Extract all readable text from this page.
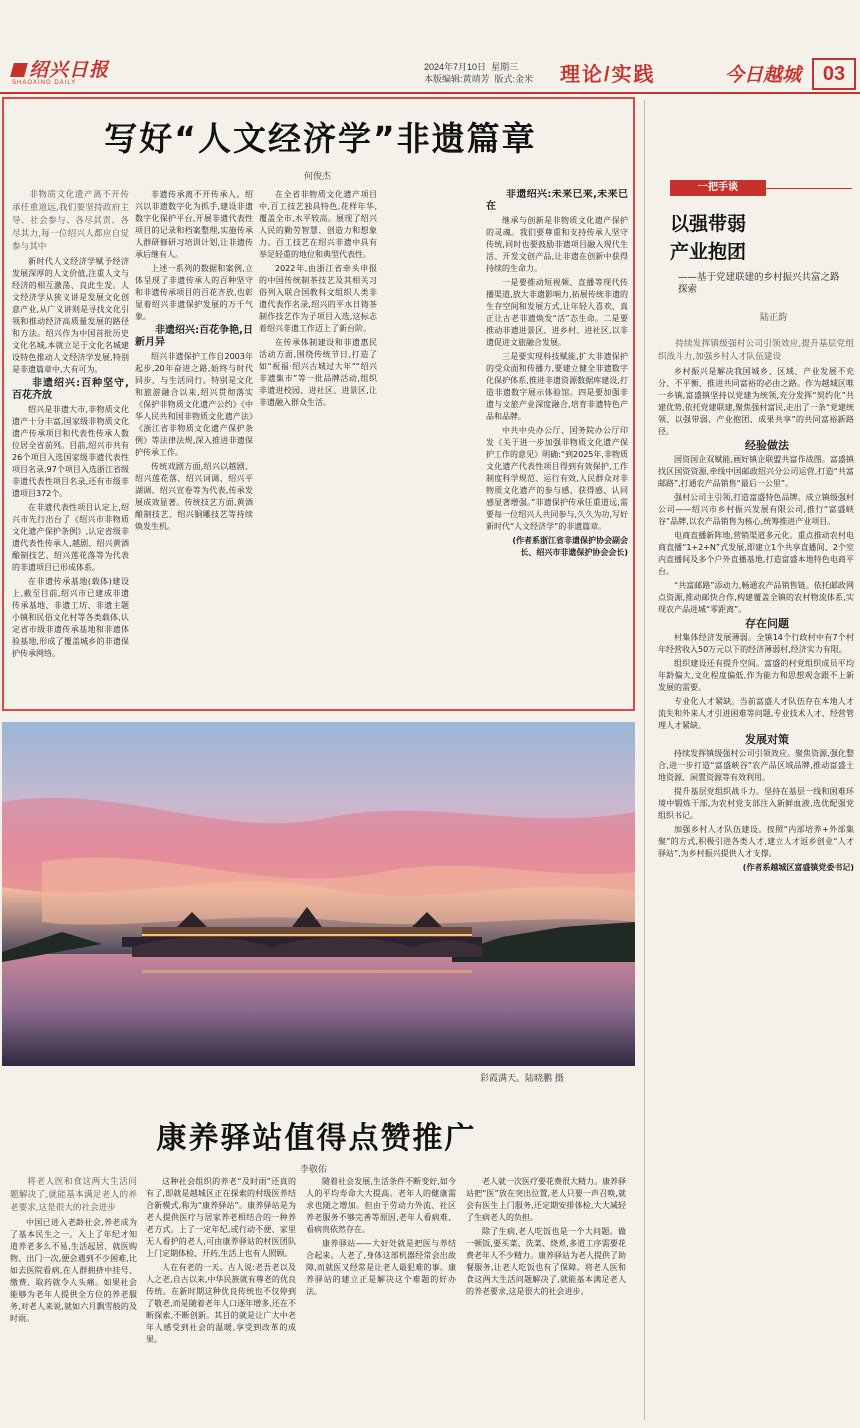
绍兴日报
SHAOXING DAILY
2024年7月10日 星期三
本版编辑:黄靖芳 版式:金米 理论/实践	今日越城	03
写好“人文经济学”非遗篇章
何俊杰

非物质文化遗产离不开传承任重道远,我们要坚持政府主导、社会参与、各尽其责、各尽其力,每一位绍兴人都应自觉参与其中

新时代人文经济学赋予经济发展深厚的人文价值,注重人文与经济的相互激荡、良此生发。人文经济学从狭义讲是发展文化创意产业,从广义讲则是寻找文化引领和推动经济高质量发展的路径和方法。绍兴作为中国首批历史文化名城,本就立足于文化名城建设特色推动人文经济学发展,特别是非遗篇章中,大有可为。

非遗绍兴:百种坚守,百花齐放

绍兴是非遗大市,非物质文化遗产十分丰富,国家级非物质文化遗产传承项目和代表性传承人数位居全省前列。目前,绍兴市共有26个项目入选国家级非遗代表性项目名录,97个项目入选浙江省级非遗代表性项目名录,还有市级非遗项目372个。

在非遗代表性项目认定上,绍兴市先行出台了《绍兴市非物质文化遗产保护条例》,认定省级非遗代表性传承人,越剧、绍兴黄酒酿制技艺、绍兴莲花落等为代表的非遗项目已形成体系。

在非遗传承基地(载体)建设上,截至目前,绍兴市已建成非遗传承基地、非遗工坊、非遗主题小镇和民俗文化村等各类载体,认定省市级非遗传承基地和非遗体验基地,形成了覆盖城乡的非遗保护传承网络。

非遗传承离不开传承人。绍兴以非遗数字化为抓手,建设非遗数字化保护平台,开展非遗代表性项目的记录和档案整理,实施传承人群研修研习培训计划,让非遗传承后继有人。

上述一系列的数据和案例,立体呈现了非遗传承人的百种坚守和非遗传承项目的百花齐放,也彰显着绍兴非遗保护发展的万千气象。

非遗绍兴:百花争艳,日新月异

绍兴非遗保护工作自2003年起步,20年奋进之路,始终与时代同步、与生活同行。特别是文化和旅游融合以来,绍兴贯彻落实《保护非物质文化遗产公约》《中华人民共和国非物质文化遗产法》《浙江省非物质文化遗产保护条例》等法律法规,深入推进非遗保护传承工作。

传统戏剧方面,绍兴以越剧、绍兴莲花落、绍兴词调、绍兴平湖调、绍兴宣卷等为代表,传承发展成效显著。传统技艺方面,黄酒酿制技艺、绍兴铜雕技艺等持续焕发生机。

在全省非物质文化遗产项目中,百工技艺独具特色,花样年华,覆盖全市,水平较高。展现了绍兴人民的勤劳智慧、创造力和想象力。百工技艺在绍兴非遗中具有举足轻重的地位和典型代表性。

2022年,由浙江省牵头申报的中国传统制茶技艺及其相关习俗列入联合国教科文组织人类非遗代表作名录,绍兴的平水日铸茶制作技艺作为子项目入选,这标志着绍兴非遗工作迈上了新台阶。

在传承体制建设和非遗惠民活动方面,围绕传统节日,打造了如“祝福·绍兴古城过大年”“绍兴非遗集市”等一批品牌活动,组织非遗进校园、进社区、进景区,让非遗融入群众生活。

非遗绍兴:未来已来,未来已在

继承与创新是非物质文化遗产保护的灵魂。我们要尊重和支持传承人坚守传统,同时也要鼓励非遗项目融入现代生活、开发文创产品,让非遗在创新中获得持续的生命力。

一是要推动短视频、直播等现代传播渠道,放大非遗影响力,拓展传统非遗的生存空间和发展方式,让年轻人喜欢、真正让古老非遗焕发“活”态生命。二是要推动非遗进景区、进乡村、进社区,以非遗促进文旅融合发展。

三是要实现科技赋能,扩大非遗保护的受众面和传播力,要建立健全非遗数字化保护体系,推进非遗资源数据库建设,打造非遗数字展示体验馆。四是要加强非遗与文旅产业深度融合,培育非遗特色产品和品牌。

中共中央办公厅、国务院办公厅印发《关于进一步加强非物质文化遗产保护工作的意见》明确:“到2025年,非物质文化遗产代表性项目得到有效保护,工作制度科学规范、运行有效,人民群众对非物质文化遗产的参与感、获得感、认同感显著增强。”非遗保护传承任重道远,需要每一位绍兴人共同参与,久久为功,写好新时代“人文经济学”的非遗篇章。

(作者系浙江省非遗保护协会副会长、绍兴市非遗保护协会会长)

彩霞满天。陆晓鹏 摄
康养驿站值得点赞推广
李敬佑

将老人医和食这两大生活问题解决了,就能基本满足老人的养老要求,这是很大的社会进步

中国已进入老龄社会,养老成为了基本民生之一。入上了年纪才知道养老多么不易,生活起居、就医购物、出门一次,便会遇到不少困难,比如去医院看病,在人群拥挤中挂号、缴费、取药就令人头痛。如果社会能够为老年人提供全方位的养老服务,对老人来说,就如六月飘雪般的及时雨。

这种社会组织的养老“及时雨”还真的有了,即就是越城区正在探索的村级医养结合新模式,称为“康养驿站”。康养驿站是为老人提供医疗与居家养老相结合的一种养老方式。上了一定年纪,或行动不便、家里无人看护的老人,可由康养驿站的村医团队上门定期体检、开药,生活上也有人照顾。

人在有老的一天。古人说:老吾老以及人之老,自古以来,中华民族就有尊老的优良传统。在新时期这种优良传统也不仅停到了敬老,而是随着老年人口逐年增多,还在不断探索,不断创新。其目的就是让广大中老年人感受到社会的温暖,享受到改革的成果。

随着社会发展,生活条件不断变好,如今人的平均寿命大大提高。老年人的健康需求也随之增加。但由于劳动力外流、社区养老服务不够完善等原因,老年人看病难、看病贵依然存在。

康养驿站——大好处就是把医与养结合起来。人老了,身体这部机器经常会出故障,而就医又经常是让老人最犯难的事。康养驿站的建立正是解决这个难题的好办法。

老人就一次医疗要花费很大精力。康养驿站把“医”放在突出位置,老人只要一声召唤,就会有医生上门服务,还定期安排体检,大大减轻了生病老人的负担。

除了生病,老人吃饭也是一个大问题。做一顿饭,要买菜、洗菜、烧煮,多道工序需要花费老年人不少精力。康养驿站为老人提供了助餐服务,让老人吃饭也有了保障。将老人医和食这两大生活问题解决了,就能基本满足老人的养老要求,这是很大的社会进步。

一把手谈
以强带弱
产业抱团
——基于党建联建的乡村振兴共富之路探索
陆正韵

持续发挥镇级强村公司引领效应,提升基层党组织战斗力,加强乡村人才队伍建设

乡村振兴是解决我国城乡、区域、产业发展不充分、不平衡、推进共同富裕的必由之路。作为越城区唯一乡镇,富盛镇坚持以党建为统领,充分发挥“契约化”共建优势,依托党建联建,聚焦强村富民,走出了一条“党建统领、以强带弱、产业抱团、成果共享”的共同富裕新路径。

经验做法

国资国企双赋能,画好镇企联盟共富作战图。富盛镇找区国资资源,牵线中国邮政绍兴分公司运营,打造“共富邮路”,打通农产品销售“最后一公里”。

强村公司主引领,打造富盛特色品牌。成立镇级强村公司——绍兴市乡村振兴发展有限公司,推行“富盛峡谷”品牌,以农产品销售为核心,统筹推进产业项目。

电商直播新阵地,营销渠道多元化。重点推动农村电商直播“1+2+N”式发展,即建立1个共享直播间、2个室内直播间及多个户外直播基地,打造富盛本地特色电商平台。

“共富邮路”添动力,畅通农产品销售链。依托邮政网点资源,推动邮快合作,构建覆盖全镇的农村物流体系,实现农产品进城“零距离”。

存在问题

村集体经济发展薄弱。全镇14个行政村中有7个村年经营收入50万元以下的经济薄弱村,经济实力有限。

组织建设还有提升空间。富盛的村党组织成员平均年龄偏大,文化程度偏低,作为能力和思想观念跟不上新发展的需要。

专业化人才紧缺。当前富盛人才队伍存在本地人才流失和外来人才引进困难等问题,专业技术人才、经营管理人才紧缺。

发展对策

持续发挥镇级强村公司引领效应。聚焦资源,强化整合,进一步打造“富盛峡谷”农产品区域品牌,推动富盛土地资源、闲置资源等有效利用。

提升基层党组织战斗力。坚持在基层一线和困难环境中锻炼干部,为农村党支部注入新鲜血液,选优配强党组织书记。

加强乡村人才队伍建设。按照“内部培养+外部集聚”的方式,积极引进各类人才,建立人才返乡创业“人才驿站”,为乡村振兴提供人才支撑。

(作者系越城区富盛镇党委书记)
